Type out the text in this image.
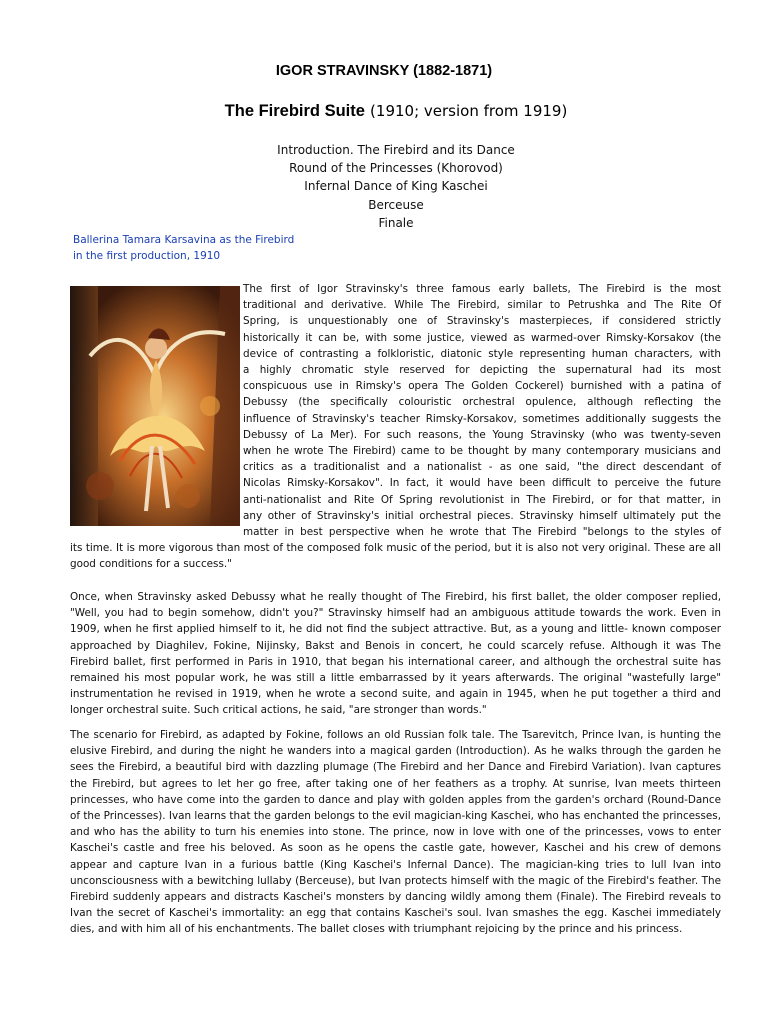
IGOR STRAVINSKY (1882-1871)
The Firebird Suite (1910; version from 1919)
Introduction. The Firebird and its Dance
Round of the Princesses (Khorovod)
Infernal Dance of King Kaschei
Berceuse
Finale
Ballerina Tamara Karsavina as the Firebird
in the first production, 1910
The first of Igor Stravinsky's three famous early ballets, The Firebird is the most
traditional and derivative. While The Firebird, similar to Petrushka and The Rite Of
Spring, is unquestionably one of Stravinsky's masterpieces, if considered strictly
historically it can be, with some justice, viewed as warmed-over Rimsky-Korsakov (the
device of contrasting a folkloristic, diatonic style representing human characters, with
a highly chromatic style reserved for depicting the supernatural had its most
conspicuous use in Rimsky's opera The Golden Cockerel) burnished with a patina of
Debussy (the specifically colouristic orchestral opulence, although reflecting the
influence of Stravinsky's teacher Rimsky-Korsakov, sometimes additionally suggests the
Debussy of La Mer). For such reasons, the Young Stravinsky (who was twenty-seven
when he wrote The Firebird) came to be thought by many contemporary musicians and
critics as a traditionalist and a nationalist - as one said, "the direct descendant of
Nicolas Rimsky-Korsakov". In fact, it would have been difficult to perceive the future
anti-nationalist and Rite Of Spring revolutionist in The Firebird, or for that matter, in
any other of Stravinsky's initial orchestral pieces. Stravinsky himself ultimately put the
matter in best perspective when he wrote that The Firebird "belongs to the styles of
its time. It is more vigorous than most of the composed folk music of the period, but it is also not very original. These are all good conditions for a success."
Once, when Stravinsky asked Debussy what he really thought of The Firebird, his first ballet, the older composer replied, "Well, you had to begin somehow, didn't you?" Stravinsky himself had an ambiguous attitude towards the work. Even in 1909, when he first applied himself to it, he did not find the subject attractive. But, as a young and little- known composer approached by Diaghilev, Fokine, Nijinsky, Bakst and Benois in concert, he could scarcely refuse. Although it was The Firebird ballet, first performed in Paris in 1910, that began his international career, and although the orchestral suite has remained his most popular work, he was still a little embarrassed by it years afterwards. The original "wastefully large" instrumentation he revised in 1919, when he wrote a second suite, and again in 1945, when he put together a third and longer orchestral suite. Such critical actions, he said, "are stronger than words."
The scenario for Firebird, as adapted by Fokine, follows an old Russian folk tale. The Tsarevitch, Prince Ivan, is hunting the elusive Firebird, and during the night he wanders into a magical garden (Introduction). As he walks through the garden he sees the Firebird, a beautiful bird with dazzling plumage (The Firebird and her Dance and Firebird Variation). Ivan captures the Firebird, but agrees to let her go free, after taking one of her feathers as a trophy. At sunrise, Ivan meets thirteen princesses, who have come into the garden to dance and play with golden apples from the garden's orchard (Round-Dance of the Princesses). Ivan learns that the garden belongs to the evil magician-king Kaschei, who has enchanted the princesses, and who has the ability to turn his enemies into stone. The prince, now in love with one of the princesses, vows to enter Kaschei's castle and free his beloved. As soon as he opens the castle gate, however, Kaschei and his crew of demons appear and capture Ivan in a furious battle (King Kaschei's Infernal Dance). The magician-king tries to lull Ivan into unconsciousness with a bewitching lullaby (Berceuse), but Ivan protects himself with the magic of the Firebird's feather. The Firebird suddenly appears and distracts Kaschei's monsters by dancing wildly among them (Finale). The Firebird reveals to Ivan the secret of Kaschei's immortality: an egg that contains Kaschei's soul. Ivan smashes the egg. Kaschei immediately dies, and with him all of his enchantments. The ballet closes with triumphant rejoicing by the prince and his princess.
